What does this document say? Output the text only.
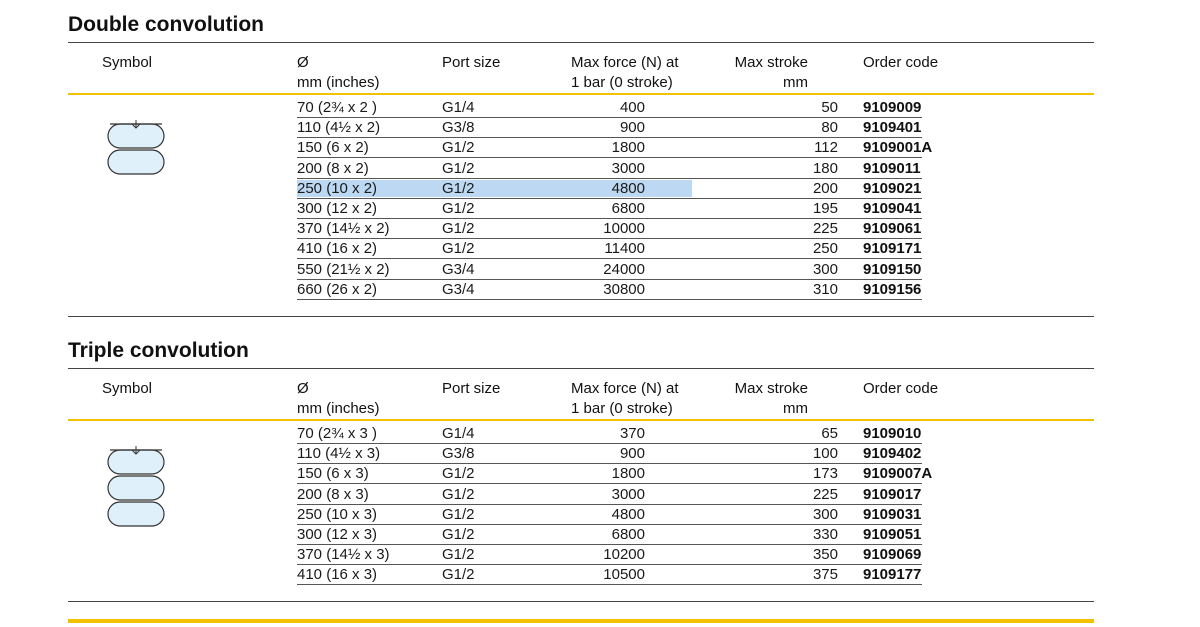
Double convolution
Symbol	Ø
mm (inches)
Port size	Max force (N) at
1 bar (0 stroke)
Max stroke
mm
Order code
70 (2¾ x 2 )	G1/4	400	50 9109009
110 (4½ x 2)	G3/8	900	80 9109401
150 (6 x 2)	G1/2	1800	112 9109001A
200 (8 x 2)	G1/2	3000	180 9109011
250 (10 x 2)	G1/2	4800	200 9109021
300 (12 x 2)	G1/2	6800	195 9109041
370 (14½ x 2)	G1/2	10000	225 9109061
410 (16 x 2)	G1/2	11400	250 9109171
550 (21½ x 2)	G3/4	24000	300 9109150
660 (26 x 2)	G3/4	30800	310 9109156
Triple convolution
Symbol	Ø
mm (inches)
Port size	Max force (N) at
1 bar (0 stroke)
Max stroke
mm
Order code
70 (2¾ x 3 )	G1/4	370	65 9109010
110 (4½ x 3)	G3/8	900	100 9109402
150 (6 x 3)	G1/2	1800	173 9109007A
200 (8 x 3)	G1/2	3000	225 9109017
250 (10 x 3)	G1/2	4800	300 9109031
300 (12 x 3)	G1/2	6800	330 9109051
370 (14½ x 3)	G1/2	10200	350 9109069
410 (16 x 3)	G1/2	10500	375 9109177
